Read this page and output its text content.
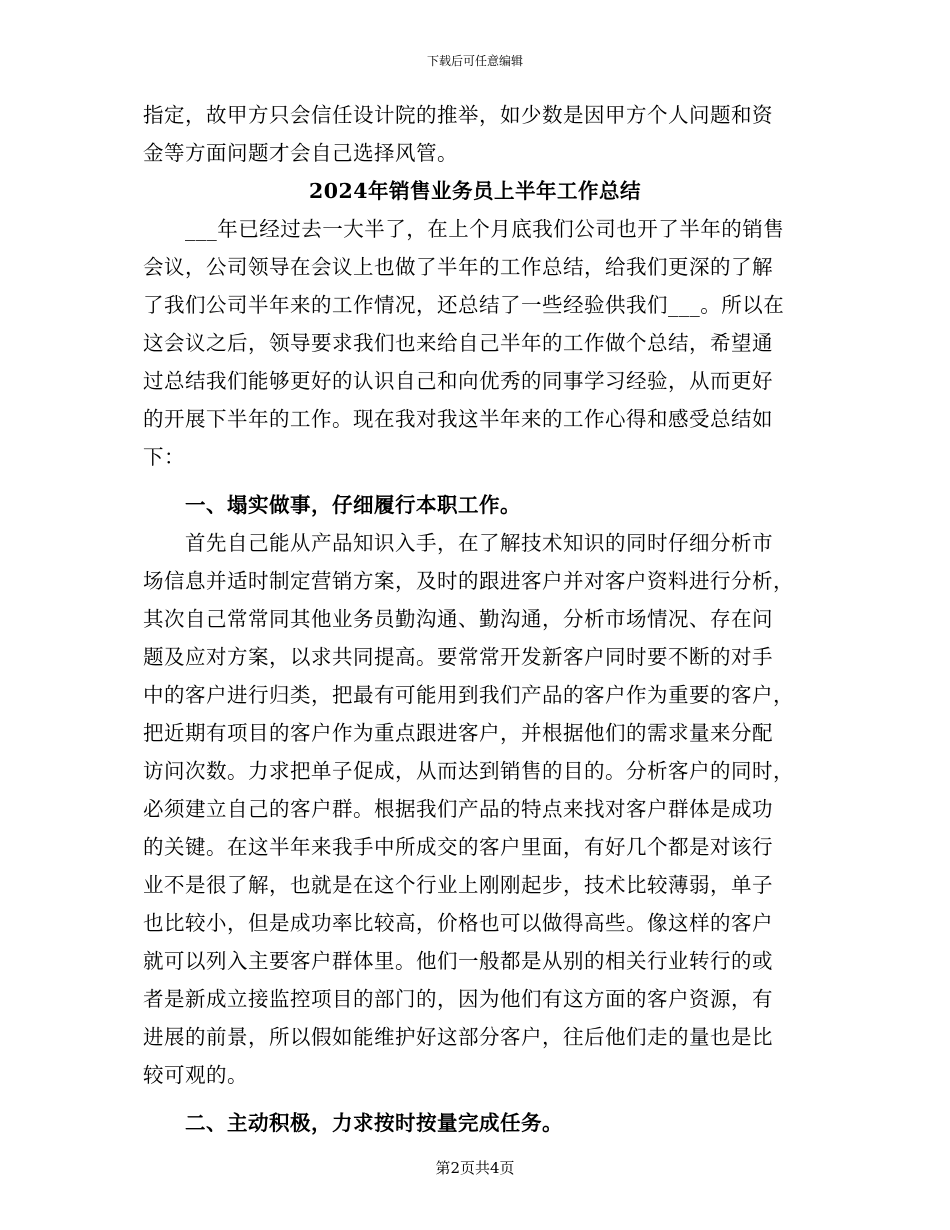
下载后可任意编辑
指定，故甲方只会信任设计院的推举，如少数是因甲方个人问题和资
金等方面问题才会自己选择风管。
2024年销售业务员上半年工作总结
___年已经过去一大半了，在上个月底我们公司也开了半年的销售
会议，公司领导在会议上也做了半年的工作总结，给我们更深的了解
了我们公司半年来的工作情况，还总结了一些经验供我们___。所以在
这会议之后，领导要求我们也来给自己半年的工作做个总结，希望通
过总结我们能够更好的认识自己和向优秀的同事学习经验，从而更好
的开展下半年的工作。现在我对我这半年来的工作心得和感受总结如
下：
一、塌实做事，仔细履行本职工作。
首先自己能从产品知识入手，在了解技术知识的同时仔细分析市
场信息并适时制定营销方案，及时的跟进客户并对客户资料进行分析，
其次自己常常同其他业务员勤沟通、勤沟通，分析市场情况、存在问
题及应对方案，以求共同提高。要常常开发新客户同时要不断的对手
中的客户进行归类，把最有可能用到我们产品的客户作为重要的客户，
把近期有项目的客户作为重点跟进客户，并根据他们的需求量来分配
访问次数。力求把单子促成，从而达到销售的目的。分析客户的同时，
必须建立自己的客户群。根据我们产品的特点来找对客户群体是成功
的关键。在这半年来我手中所成交的客户里面，有好几个都是对该行
业不是很了解，也就是在这个行业上刚刚起步，技术比较薄弱，单子
也比较小，但是成功率比较高，价格也可以做得高些。像这样的客户
就可以列入主要客户群体里。他们一般都是从别的相关行业转行的或
者是新成立接监控项目的部门的，因为他们有这方面的客户资源，有
进展的前景，所以假如能维护好这部分客户，往后他们走的量也是比
较可观的。
二、主动积极，力求按时按量完成任务。
第2页共4页
